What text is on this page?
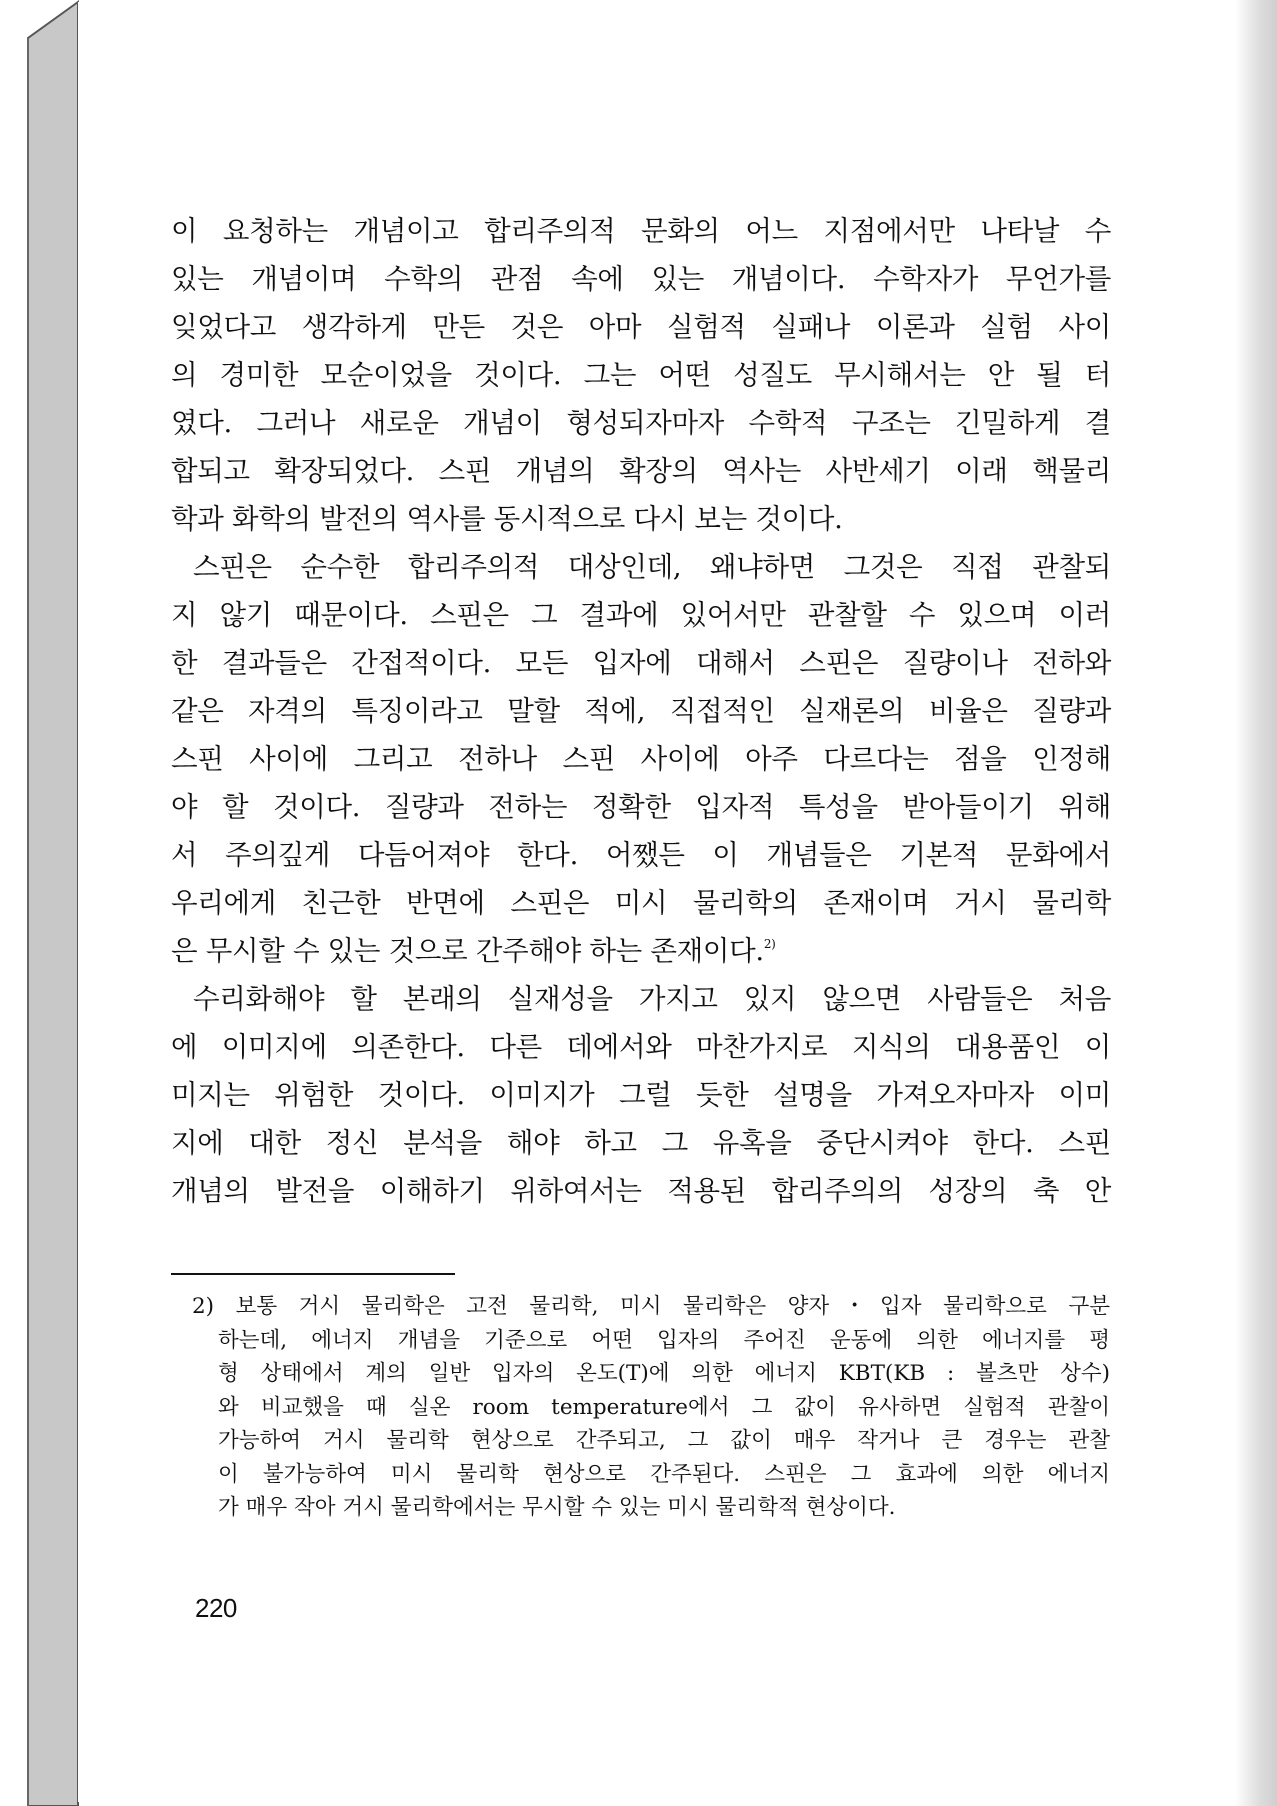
이 요청하는 개념이고 합리주의적 문화의 어느 지점에서만 나타날 수
있는 개념이며 수학의 관점 속에 있는 개념이다. 수학자가 무언가를
잊었다고 생각하게 만든 것은 아마 실험적 실패나 이론과 실험 사이
의 경미한 모순이었을 것이다. 그는 어떤 성질도 무시해서는 안 될 터
였다. 그러나 새로운 개념이 형성되자마자 수학적 구조는 긴밀하게 결
합되고 확장되었다. 스핀 개념의 확장의 역사는 사반세기 이래 핵물리
학과 화학의 발전의 역사를 동시적으로 다시 보는 것이다.
스핀은 순수한 합리주의적 대상인데, 왜냐하면 그것은 직접 관찰되
지 않기 때문이다. 스핀은 그 결과에 있어서만 관찰할 수 있으며 이러
한 결과들은 간접적이다. 모든 입자에 대해서 스핀은 질량이나 전하와
같은 자격의 특징이라고 말할 적에, 직접적인 실재론의 비율은 질량과
스핀 사이에 그리고 전하나 스핀 사이에 아주 다르다는 점을 인정해
야 할 것이다. 질량과 전하는 정확한 입자적 특성을 받아들이기 위해
서 주의깊게 다듬어져야 한다. 어쨌든 이 개념들은 기본적 문화에서
우리에게 친근한 반면에 스핀은 미시 물리학의 존재이며 거시 물리학
은 무시할 수 있는 것으로 간주해야 하는 존재이다.$^{2)}$
수리화해야 할 본래의 실재성을 가지고 있지 않으면 사람들은 처음
에 이미지에 의존한다. 다른 데에서와 마찬가지로 지식의 대용품인 이
미지는 위험한 것이다. 이미지가 그럴 듯한 설명을 가져오자마자 이미
지에 대한 정신 분석을 해야 하고 그 유혹을 중단시켜야 한다. 스핀
개념의 발전을 이해하기 위하여서는 적용된 합리주의의 성장의 축 안
2) 보통 거시 물리학은 고전 물리학, 미시 물리학은 양자・입자 물리학으로 구분
하는데, 에너지 개념을 기준으로 어떤 입자의 주어진 운동에 의한 에너지를 평
형 상태에서 계의 일반 입자의 온도(T)에 의한 에너지 KBT(KB : 볼츠만 상수)
와 비교했을 때 실온 room temperature에서 그 값이 유사하면 실험적 관찰이
가능하여 거시 물리학 현상으로 간주되고, 그 값이 매우 작거나 큰 경우는 관찰
이 불가능하여 미시 물리학 현상으로 간주된다. 스핀은 그 효과에 의한 에너지
가 매우 작아 거시 물리학에서는 무시할 수 있는 미시 물리학적 현상이다.
220
